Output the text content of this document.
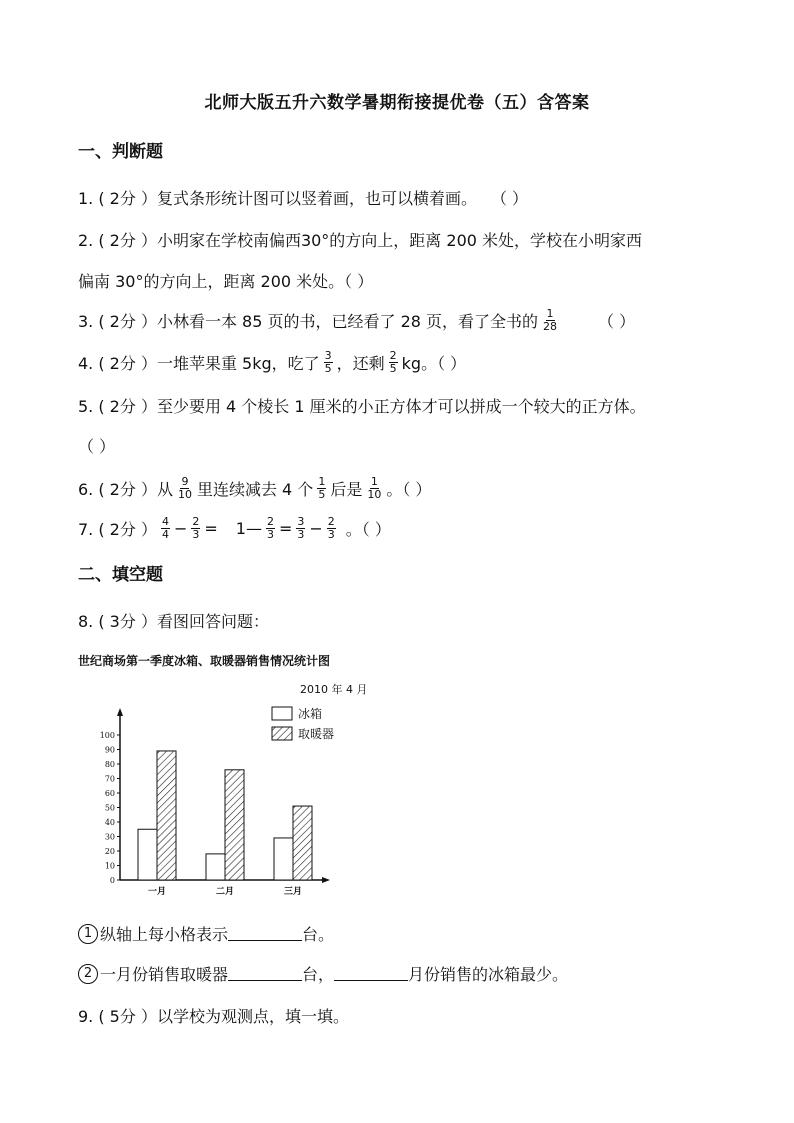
北师大版五升六数学暑期衔接提优卷（五）含答案
一、判断题
1. ( 2分 ）复式条形统计图可以竖着画，也可以横着画。 （ ）
2. ( 2分 ）小明家在学校南偏西30°的方向上，距离 200 米处，学校在小明家西
偏南 30°的方向上，距离 200 米处。（ ）
3. ( 2分 ）小林看一本 85 页的书，已经看了 28 页，看了全书的 $\frac{1}{28}$	（ ）
4. ( 2分 ）一堆苹果重 5kg，吃了 $\frac{3}{5}$ ，还剩 $\frac{2}{5}$ kg。（ ）
5. ( 2分 ）至少要用 4 个棱长 1 厘米的小正方体才可以拼成一个较大的正方体。
（ ）
6. ( 2分 ）从 $\frac{9}{10}$ 里连续减去 4 个 $\frac{1}{5}$ 后是 $\frac{1}{10}$ 。（ ）
7. ( 2分 ） $\frac{4}{4} - \frac{2}{3}$ = 1— $\frac{2}{3} = \frac{3}{3} - \frac{2}{3}$ 。（ ）
二、填空题
8. ( 3分 ）看图回答问题：
世纪商场第一季度冰箱、取暖器销售情况统计图
2010 年 4 月
0
10
20
30
40
50
60
70
80
90
100
一月	二月	三月
冰箱
取暖器
1 纵轴上每小格表示	台。
2 一月份销售取暖器	台，	月份销售的冰箱最少。
9. ( 5分 ）以学校为观测点，填一填。
